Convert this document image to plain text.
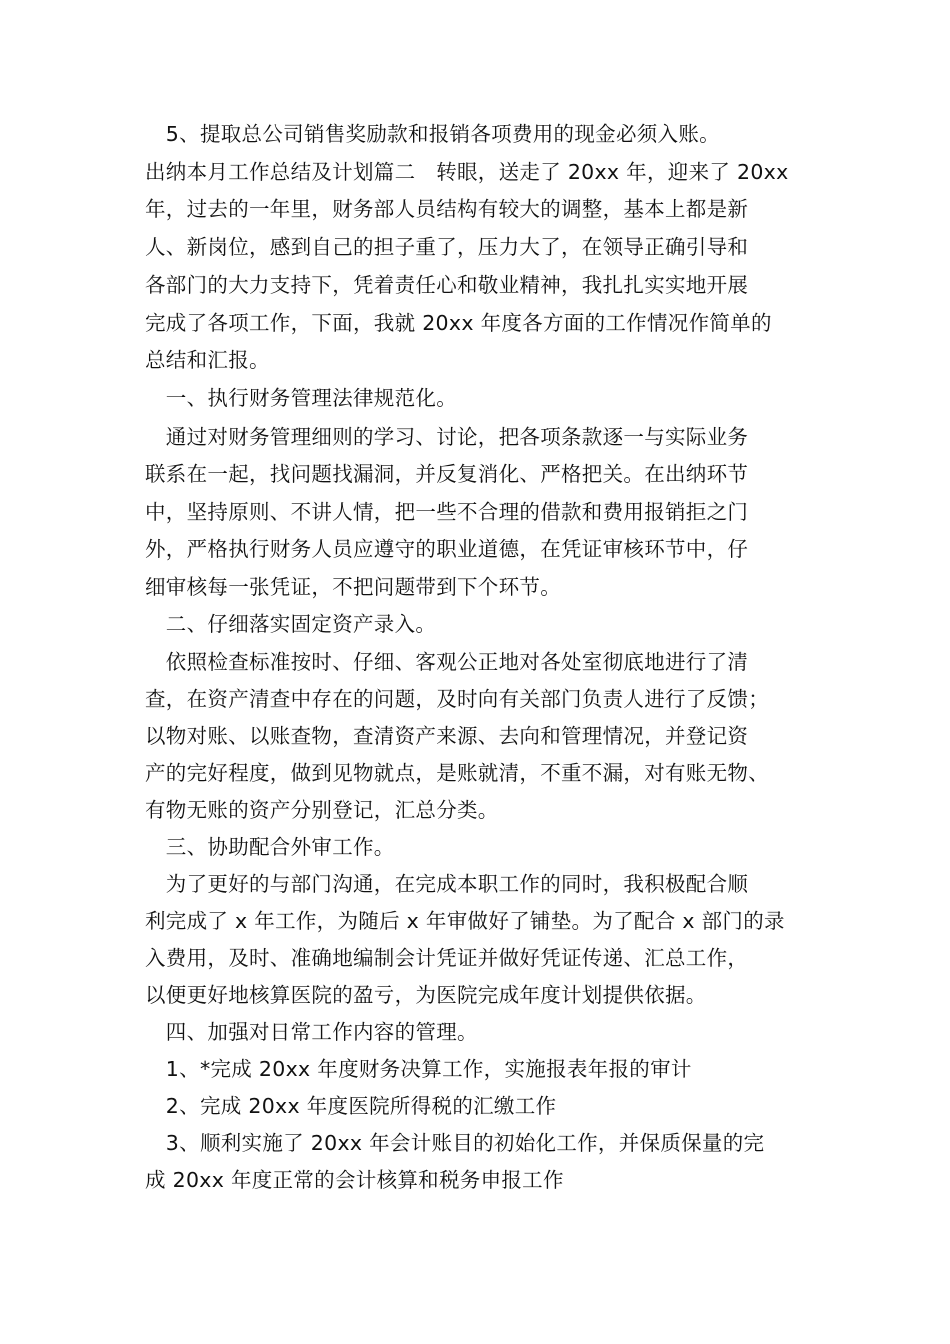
　5、提取总公司销售奖励款和报销各项费用的现金必须入账。
出纳本月工作总结及计划篇二　转眼，送走了 20xx 年，迎来了 20xx
年，过去的一年里，财务部人员结构有较大的调整，基本上都是新
人、新岗位，感到自己的担子重了，压力大了，在领导正确引导和
各部门的大力支持下，凭着责任心和敬业精神，我扎扎实实地开展
完成了各项工作，下面，我就 20xx 年度各方面的工作情况作简单的
总结和汇报。
　一、执行财务管理法律规范化。
　通过对财务管理细则的学习、讨论，把各项条款逐一与实际业务
联系在一起，找问题找漏洞，并反复消化、严格把关。在出纳环节
中，坚持原则、不讲人情，把一些不合理的借款和费用报销拒之门
外，严格执行财务人员应遵守的职业道德，在凭证审核环节中，仔
细审核每一张凭证，不把问题带到下个环节。
　二、仔细落实固定资产录入。
　依照检查标准按时、仔细、客观公正地对各处室彻底地进行了清
查，在资产清查中存在的问题，及时向有关部门负责人进行了反馈；
以物对账、以账查物，查清资产来源、去向和管理情况，并登记资
产的完好程度，做到见物就点，是账就清，不重不漏，对有账无物、
有物无账的资产分别登记，汇总分类。
　三、协助配合外审工作。
　为了更好的与部门沟通，在完成本职工作的同时，我积极配合顺
利完成了 x 年工作，为随后 x 年审做好了铺垫。为了配合 x 部门的录
入费用，及时、准确地编制会计凭证并做好凭证传递、汇总工作，
以便更好地核算医院的盈亏，为医院完成年度计划提供依据。
　四、加强对日常工作内容的管理。
　1、*完成 20xx 年度财务决算工作，实施报表年报的审计
　2、完成 20xx 年度医院所得税的汇缴工作
　3、顺利实施了 20xx 年会计账目的初始化工作，并保质保量的完
成 20xx 年度正常的会计核算和税务申报工作
